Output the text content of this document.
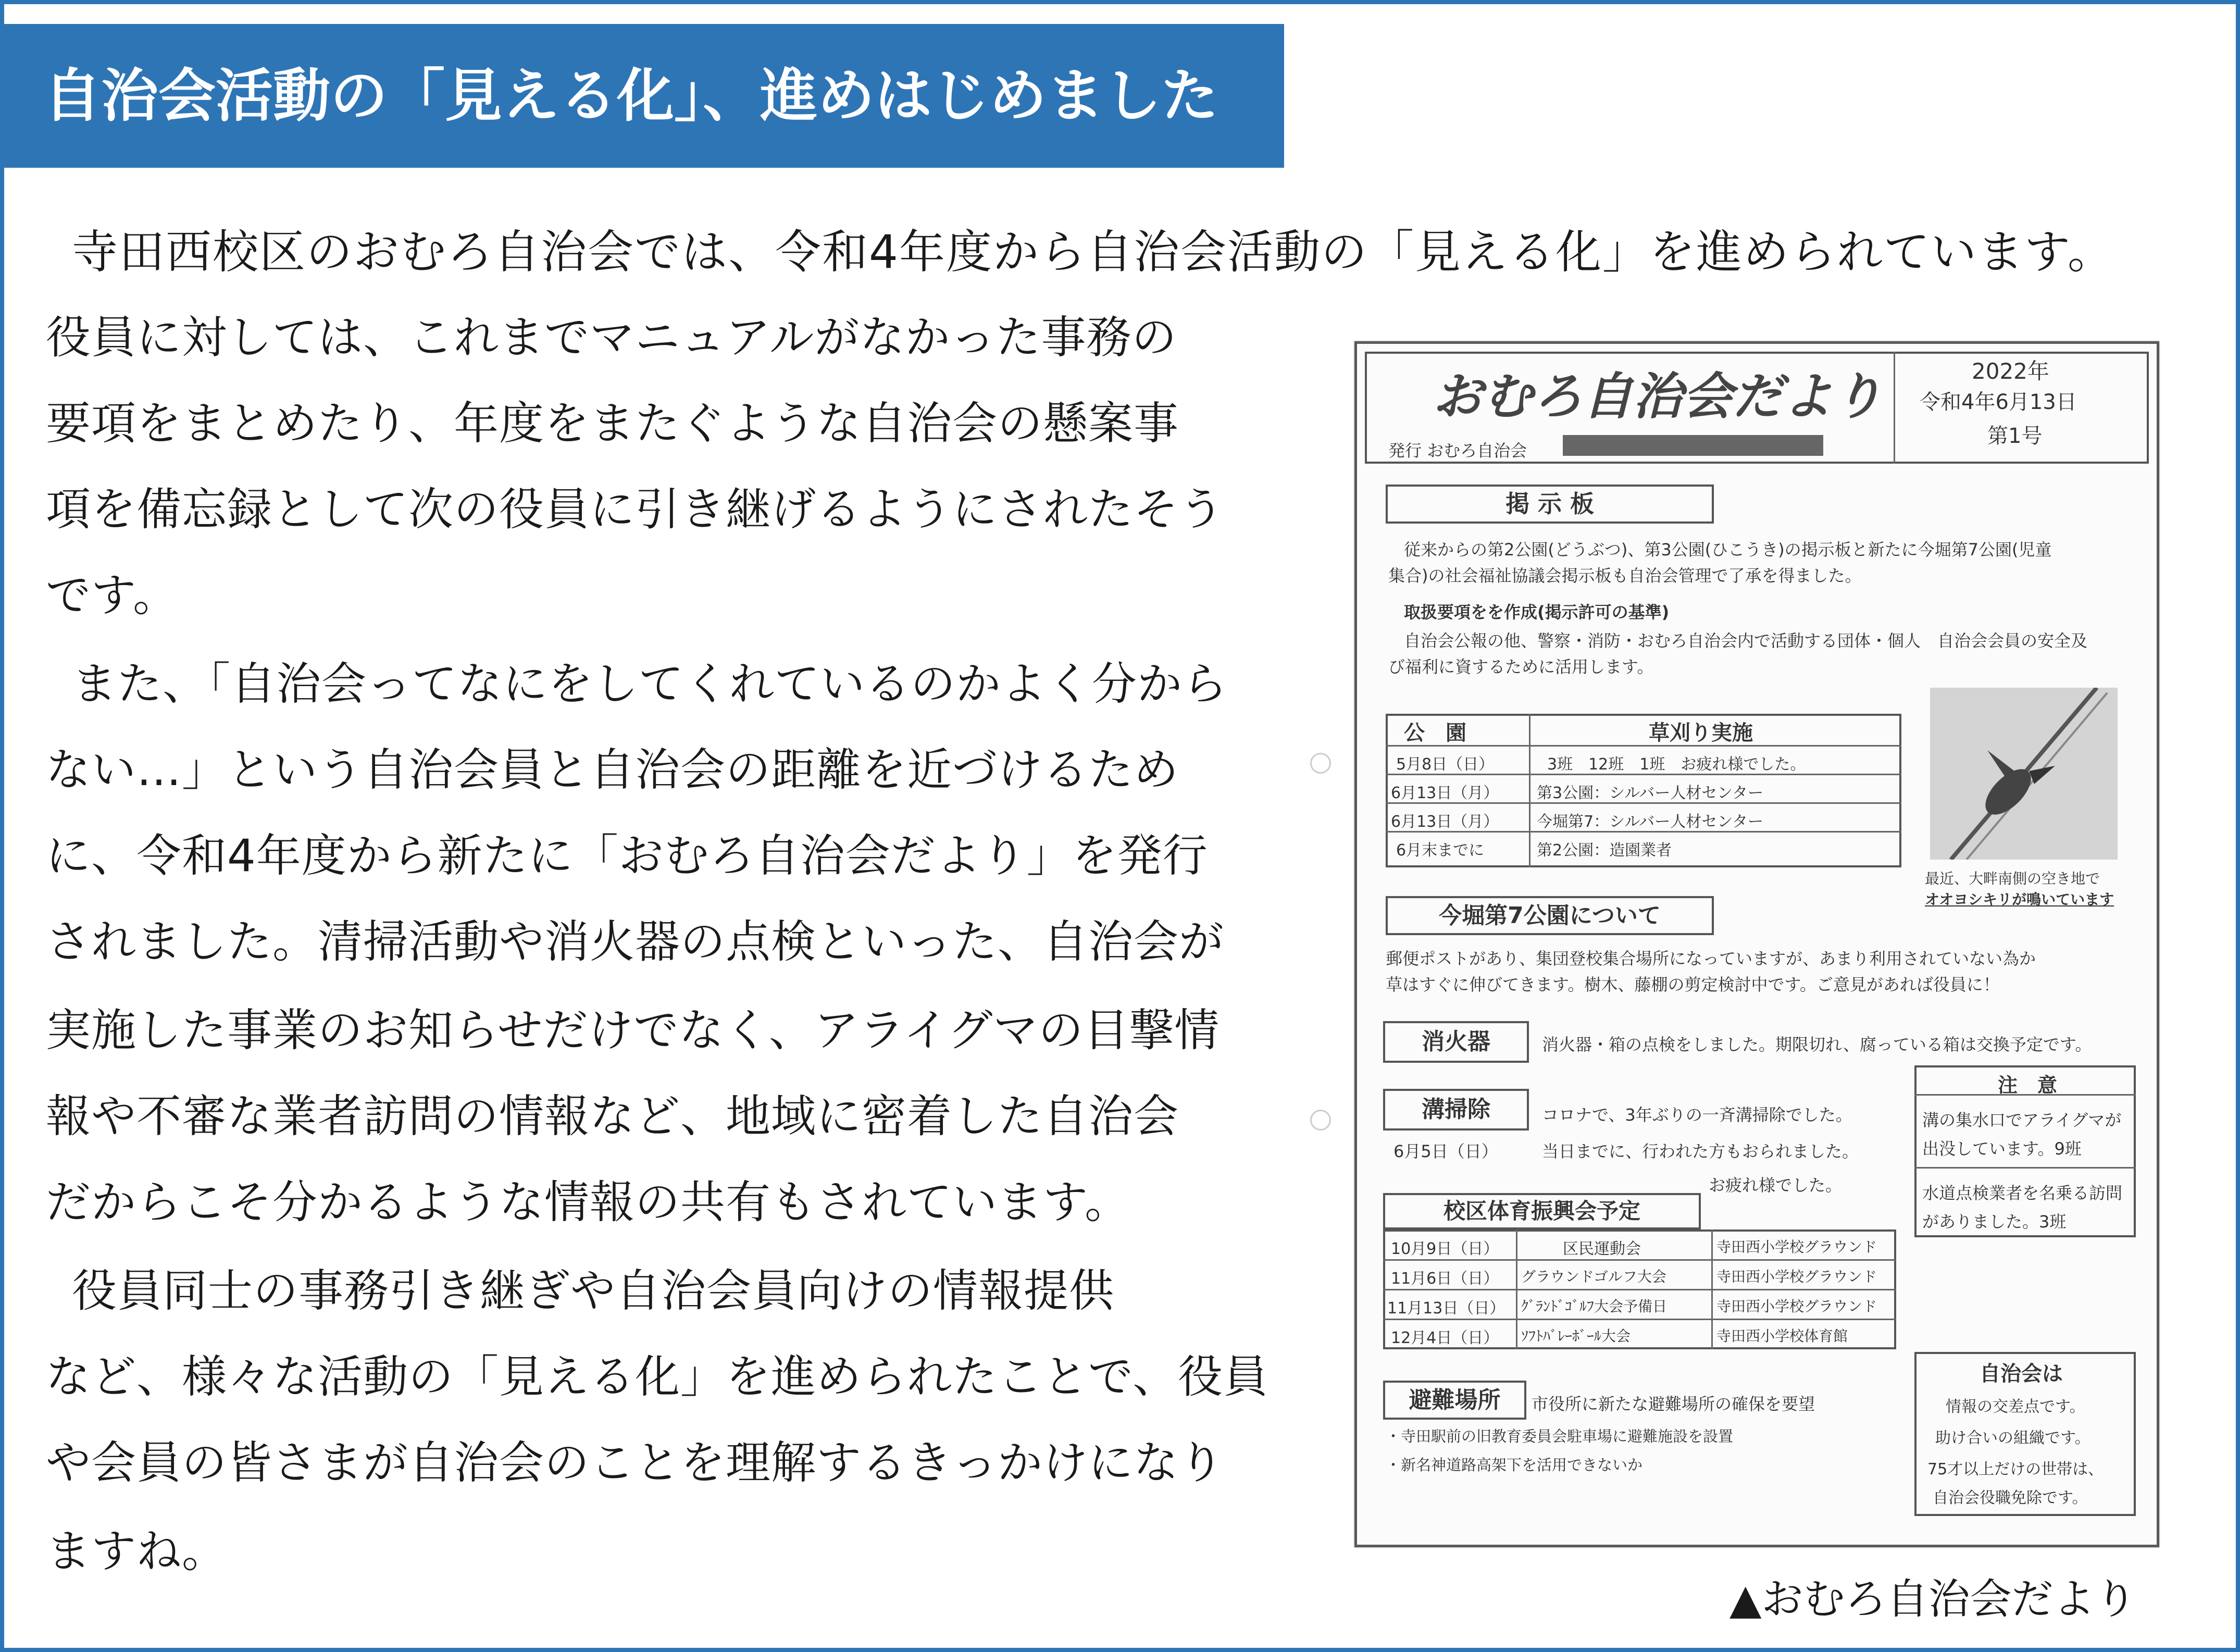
自治会活動の「見える化」、進めはじめました
寺田西校区のおむろ自治会では、令和4年度から自治会活動の「見える化」を進められています。
役員に対しては、これまでマニュアルがなかった事務の
要項をまとめたり、年度をまたぐような自治会の懸案事
項を備忘録として次の役員に引き継げるようにされたそう
です。
また、「自治会ってなにをしてくれているのかよく分から
ない…」という自治会員と自治会の距離を近づけるため
に、令和4年度から新たに「おむろ自治会だより」を発行
されました。清掃活動や消火器の点検といった、自治会が
実施した事業のお知らせだけでなく、アライグマの目撃情
報や不審な業者訪問の情報など、地域に密着した自治会
だからこそ分かるような情報の共有もされています。
役員同士の事務引き継ぎや自治会員向けの情報提供
など、様々な活動の「見える化」を進められたことで、役員
や会員の皆さまが自治会のことを理解するきっかけになり
ますね。
おむろ自治会だより	2022年
令和4年6月13日
第1号
発行 おむろ自治会
掲 示 板
従来からの第2公園(どうぶつ)、第3公園(ひこうき)の掲示板と新たに今堀第7公園(児童
集合)の社会福祉協議会掲示板も自治会管理で了承を得ました。
取扱要項をを作成(掲示許可の基準)
自治会公報の他、警察・消防・おむろ自治会内で活動する団体・個人　自治会会員の安全及
び福利に資するために活用します。
公　園	草刈り実施
5月8日（日）	3班　12班　1班　お疲れ様でした。
6月13日（月） 第3公園：シルバー人材センター
6月13日（月） 今堀第7：シルバー人材センター
6月末までに	第2公園：造園業者
最近、大畔南側の空き地で
オオヨシキリが鳴いています
今堀第7公園について
郵便ポストがあり、集団登校集合場所になっていますが、あまり利用されていない為か
草はすぐに伸びてきます。樹木、藤棚の剪定検討中です。ご意見があれば役員に！
消火器	消火器・箱の点検をしました。期限切れ、腐っている箱は交換予定です。
溝掃除
6月5日（日）
コロナで、3年ぶりの一斉溝掃除でした。
当日までに、行われた方もおられました。
お疲れ様でした。
注　意
溝の集水口でアライグマが
出没しています。9班
水道点検業者を名乗る訪問
がありました。3班
校区体育振興会予定
10月9日（日）	区民運動会	寺田西小学校グラウンド
11月6日（日） グラウンドゴルフ大会	寺田西小学校グラウンド
11月13日（日） ｸﾞﾗﾝﾄﾞｺﾞﾙﾌ大会予備日	寺田西小学校グラウンド
12月4日（日） ｿﾌﾄﾊﾞﾚｰﾎﾞｰﾙ大会	寺田西小学校体育館
避難場所	市役所に新たな避難場所の確保を要望
・寺田駅前の旧教育委員会駐車場に避難施設を設置
・新名神道路高架下を活用できないか
自治会は
情報の交差点です。
助け合いの組織です。
75才以上だけの世帯は、
自治会役職免除です。
▲おむろ自治会だより
